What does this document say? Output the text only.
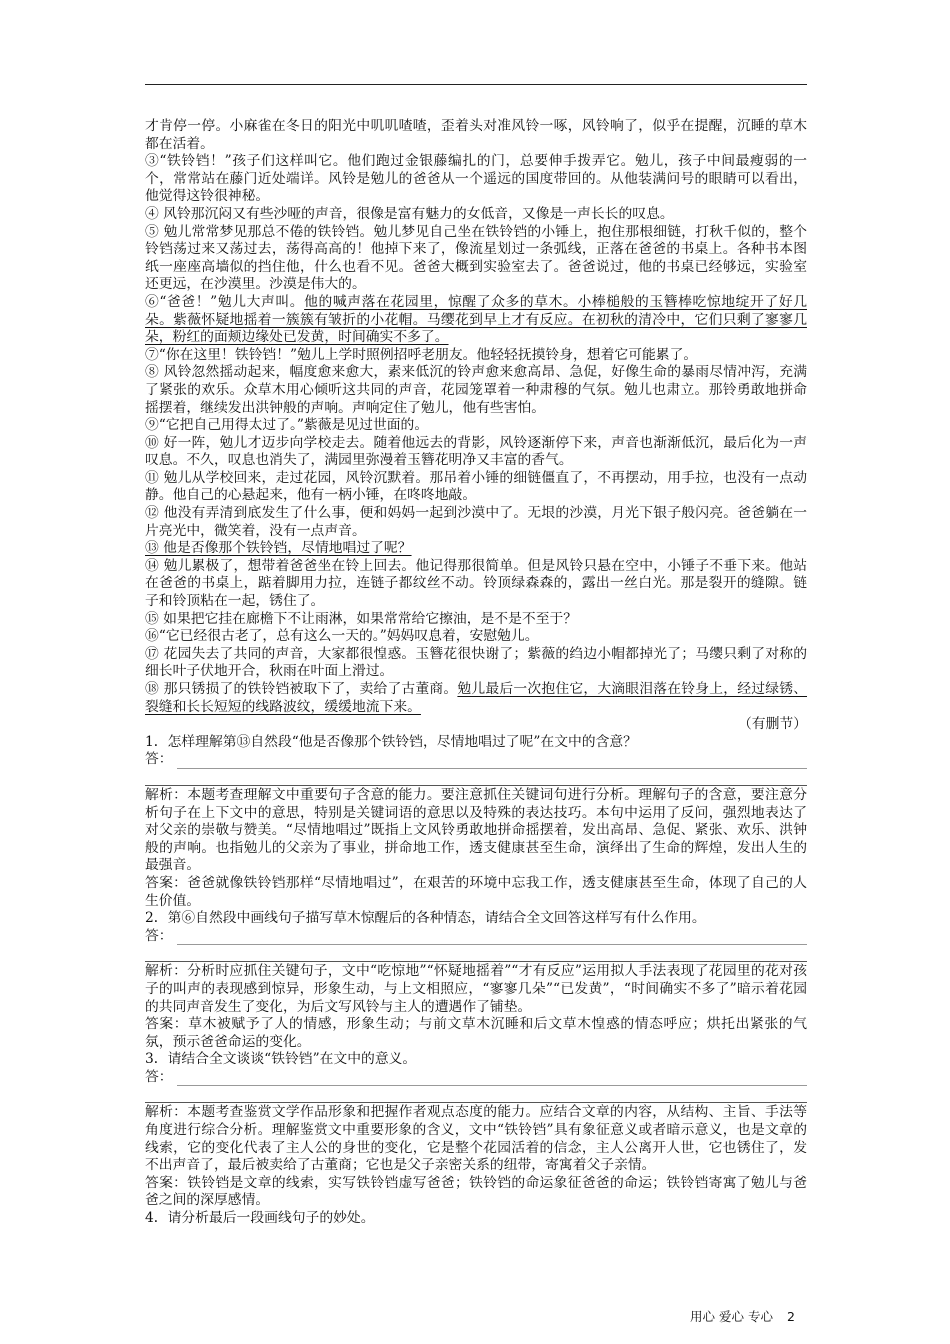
才肯停一停。小麻雀在冬日的阳光中叽叽喳喳，歪着头对准风铃一啄，风铃响了，似乎在提醒，沉睡的草木都在活着。

③“铁铃铛！”孩子们这样叫它。他们跑过金银藤编扎的门，总要伸手拨弄它。勉儿，孩子中间最瘦弱的一个，常常站在藤门近处端详。风铃是勉儿的爸爸从一个遥远的国度带回的。从他装满问号的眼睛可以看出，他觉得这铃很神秘。

④ 风铃那沉闷又有些沙哑的声音，很像是富有魅力的女低音，又像是一声长长的叹息。

⑤ 勉儿常常梦见那总不倦的铁铃铛。勉儿梦见自己坐在铁铃铛的小锤上，抱住那根细链，打秋千似的，整个铃铛荡过来又荡过去，荡得高高的！他掉下来了，像流星划过一条弧线，正落在爸爸的书桌上。各种书本图纸一座座高墙似的挡住他，什么也看不见。爸爸大概到实验室去了。爸爸说过，他的书桌已经够远，实验室还更远，在沙漠里。沙漠是伟大的。

⑥“爸爸！”勉儿大声叫。他的喊声落在花园里，惊醒了众多的草木。小棒槌般的玉簪棒吃惊地绽开了好几朵。紫薇怀疑地摇着一簇簇有皱折的小花帽。马缨花到早上才有反应。在初秋的清冷中，它们只剩了寥寥几朵，粉红的面颊边缘处已发黄，时间确实不多了。

⑦“你在这里！铁铃铛！”勉儿上学时照例招呼老朋友。他轻轻抚摸铃身，想着它可能累了。

⑧ 风铃忽然摇动起来，幅度愈来愈大，素来低沉的铃声愈来愈高昂、急促，好像生命的暴雨尽情冲泻，充满了紧张的欢乐。众草木用心倾听这共同的声音，花园笼罩着一种肃穆的气氛。勉儿也肃立。那铃勇敢地拼命摇摆着，继续发出洪钟般的声响。声响定住了勉儿，他有些害怕。

⑨“它把自己用得太过了。”紫薇是见过世面的。

⑩ 好一阵，勉儿才迈步向学校走去。随着他远去的背影，风铃逐渐停下来，声音也渐渐低沉，最后化为一声叹息。不久，叹息也消失了，满园里弥漫着玉簪花明净又丰富的香气。

⑪ 勉儿从学校回来，走过花园，风铃沉默着。那吊着小锤的细链僵直了，不再摆动，用手拉，也没有一点动静。他自己的心悬起来，他有一柄小锤，在咚咚地敲。

⑫ 他没有弄清到底发生了什么事，便和妈妈一起到沙漠中了。无垠的沙漠，月光下银子般闪亮。爸爸躺在一片亮光中，微笑着，没有一点声音。

⑬ 他是否像那个铁铃铛，尽情地唱过了呢？

⑭ 勉儿累极了，想带着爸爸坐在铃上回去。他记得那很简单。但是风铃只悬在空中，小锤子不垂下来。他站在爸爸的书桌上，踮着脚用力拉，连链子都纹丝不动。铃顶绿森森的，露出一丝白光。那是裂开的缝隙。链子和铃顶粘在一起，锈住了。

⑮ 如果把它挂在廊檐下不让雨淋，如果常常给它擦油，是不是不至于？

⑯“它已经很古老了，总有这么一天的。”妈妈叹息着，安慰勉儿。

⑰ 花园失去了共同的声音，大家都很惶惑。玉簪花很快谢了；紫薇的绉边小帽都掉光了；马缨只剩了对称的细长叶子伏地开合，秋雨在叶面上滑过。

⑱ 那只锈损了的铁铃铛被取下了，卖给了古董商。勉儿最后一次抱住它，大滴眼泪落在铃身上，经过绿锈、裂缝和长长短短的线路波纹，缓缓地流下来。

（有删节）

1．怎样理解第⑬自然段“他是否像那个铁铃铛，尽情地唱过了呢”在文中的含意？

答：

解析：本题考查理解文中重要句子含意的能力。要注意抓住关键词句进行分析。理解句子的含意，要注意分析句子在上下文中的意思，特别是关键词语的意思以及特殊的表达技巧。本句中运用了反问，强烈地表达了对父亲的崇敬与赞美。“尽情地唱过”既指上文风铃勇敢地拼命摇摆着，发出高昂、急促、紧张、欢乐、洪钟般的声响。也指勉儿的父亲为了事业，拼命地工作，透支健康甚至生命，演绎出了生命的辉煌，发出人生的最强音。

答案：爸爸就像铁铃铛那样“尽情地唱过”，在艰苦的环境中忘我工作，透支健康甚至生命，体现了自己的人生价值。

2．第⑥自然段中画线句子描写草木惊醒后的各种情态，请结合全文回答这样写有什么作用。

答：

解析：分析时应抓住关键句子，文中“吃惊地”“怀疑地摇着”“才有反应”运用拟人手法表现了花园里的花对孩子的叫声的表现感到惊异，形象生动，与上文相照应，“寥寥几朵”“已发黄”，“时间确实不多了”暗示着花园的共同声音发生了变化，为后文写风铃与主人的遭遇作了铺垫。

答案：草木被赋予了人的情感，形象生动；与前文草木沉睡和后文草木惶惑的情态呼应；烘托出紧张的气氛，预示爸爸命运的变化。

3．请结合全文谈谈“铁铃铛”在文中的意义。

答：

解析：本题考查鉴赏文学作品形象和把握作者观点态度的能力。应结合文章的内容，从结构、主旨、手法等角度进行综合分析。理解鉴赏文中重要形象的含义，文中“铁铃铛”具有象征意义或者暗示意义，也是文章的线索，它的变化代表了主人公的身世的变化，它是整个花园活着的信念，主人公离开人世，它也锈住了，发不出声音了，最后被卖给了古董商；它也是父子亲密关系的纽带，寄寓着父子亲情。

答案：铁铃铛是文章的线索，实写铁铃铛虚写爸爸；铁铃铛的命运象征爸爸的命运；铁铃铛寄寓了勉儿与爸爸之间的深厚感情。

4．请分析最后一段画线句子的妙处。

用心 爱心 专心 2
